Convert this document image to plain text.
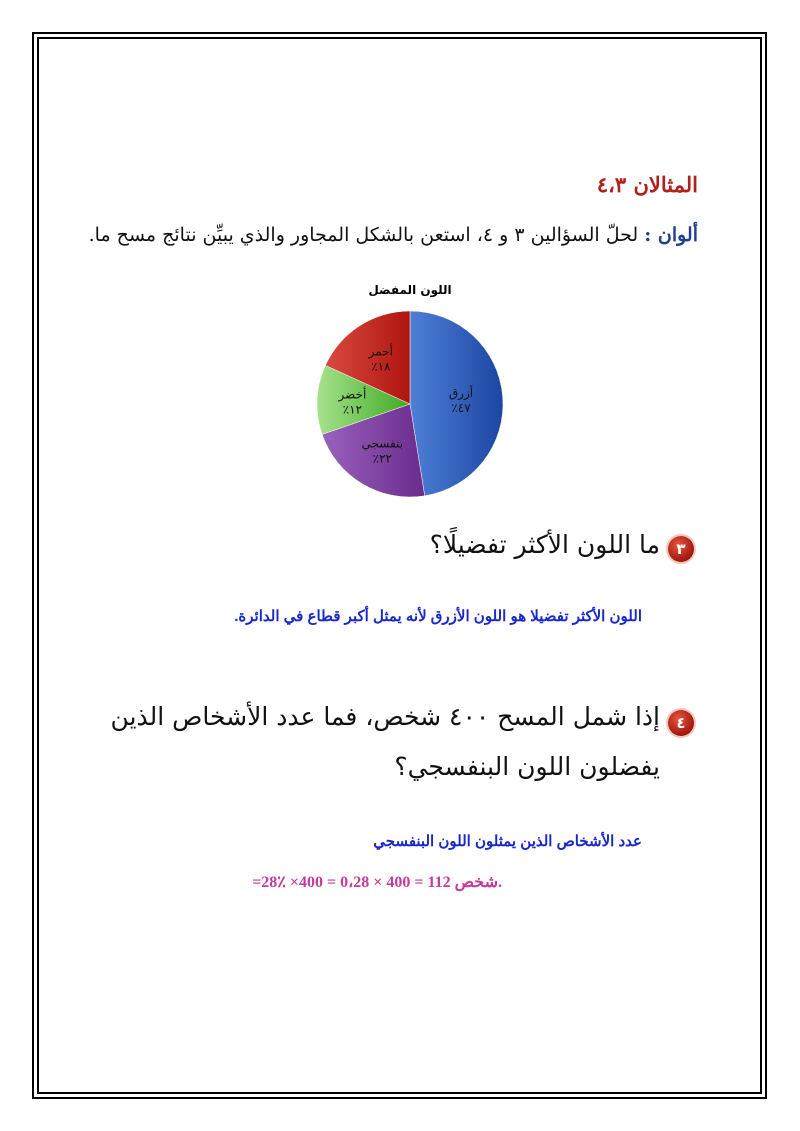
المثالان ٤،٣
ألوان : لحلّ السؤالين ٣ و ٤، استعن بالشكل المجاور والذي يبيِّن نتائج مسح ما.
اللون المفضل
أزرق
٪٤٧
بنفسجي
٪٢٢
أخضر
٪١٢
أحمر
٪١٨
٣
ما اللون الأكثر تفضيلًا؟
اللون الأكثر تفضيلا هو اللون الأزرق لأنه يمثل أكبر قطاع في الدائرة.
٤
إذا شمل المسح ٤٠٠ شخص، فما عدد الأشخاص الذين
يفضلون اللون البنفسجي؟
عدد الأشخاص الذين يمثلون اللون البنفسجي
=28٪ ×400 = 0،28 × 400 = 112 شخص.
